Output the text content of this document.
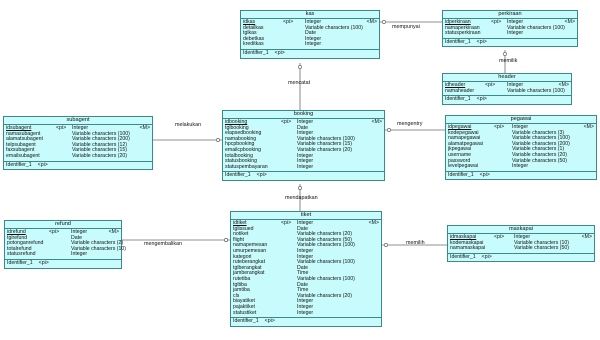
kas
idkas	<pi> Integer	<M>
detailkas	Variable characters (100)
tglkas	Date
debetkas	Integer
kreditkas	Integer
Identifier_1 <pi>
perkiraan
idperkiraan	<pi> Integer	<M>
namaperkiraan	Variable characters (100)
statusperkiraan	Integer
Identifier_1 <pi>
header
idheader	<pi> Integer	<M>
namaheader	Variable characters (100)
Identifier_1 <pi>
subagent
idsubagent	<pi> Integer	<M>
namasubagent	Variable characters (100)
alamatsubagent	Variable characters (200)
telpsubagent	Variable characters (12)
faxsubagent	Variable characters (15)
emailsubagent	Variable characters (20)
Identifier_1 <pi>
booking
idbooking	<pi> Integer	<M>
tglbooking	Date
elapsedbooking	Integer
namabooking	Variable characters (100)
hpcpbooking	Variable characters (15)
emailcpbooking	Variable characters (20)
totalbooking	Integer
statusbooking	Integer
statuspembayaran	Integer
Identifier_1 <pi>
pegawai
idpegawai	<pi> Integer	<M>
kodepegawai	Variable characters (3)
namapegawai	Variable characters (100)
alamatpegawai	Variable characters (200)
jkpegawai	Variable characters (1)
username	Variable characters (20)
password	Variable characters (50)
levelpegawai	Integer
Identifier_1 <pi>
refund
idrefund	<pi> Integer	<M>
tglrefund	Date
potonganrefund	Variable characters (2)
totalrefund	Variable characters (10)
statusrefund	Integer
Identifier_1 <pi>
tiket
idtiket	<pi> Integer	<M>
tglissued	Date
notiket	Variable characters (20)
flight	Variable characters (50)
namapemesan	Variable characters (100)
umurpemesan	Integer
kategori	Integer
ruteberangkat	Variable characters (100)
tglberangkat	Date
jamberangkat	Time
rutetiba	Variable characters (100)
tgltiba	Date
jamtiba	Time
cls	Variable characters (20)
biayatiket	Integer
pajaktiket	Integer
statustiket	Integer
Identifier_1 <pi>
maskapai
idmaskapai	<pi> Integer	<M>
kodemaskapai	Variable characters (10)
namamaskapai	Variable characters (50)
Identifier_1 <pi>
mempunyai
memilik
mencatat
melakukan	mengentry
mendapatkan
mengembalikan	memilih
